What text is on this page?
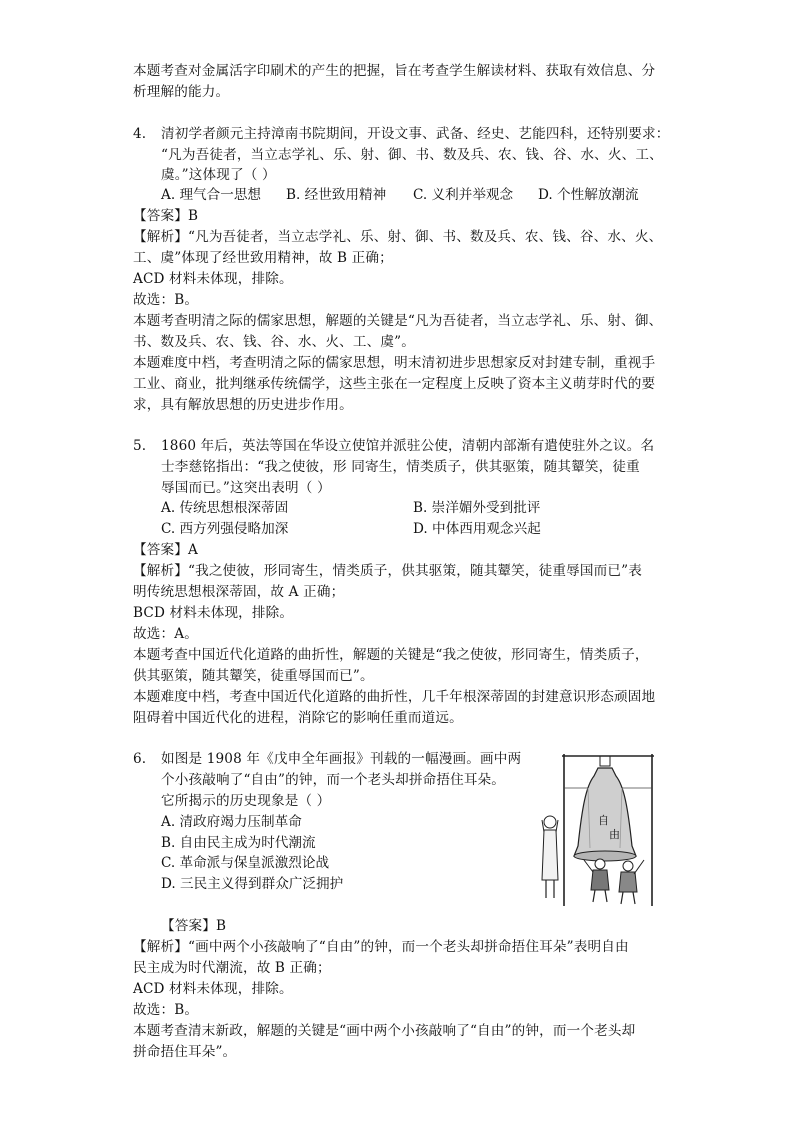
本题考查对金属活字印刷术的产生的把握，旨在考查学生解读材料、获取有效信息、分
析理解的能力。
4. 清初学者颜元主持漳南书院期间，开设文事、武备、经史、艺能四科，还特别要求：
“凡为吾徒者，当立志学礼、乐、射、御、书、数及兵、农、钱、谷、水、火、工、
虞。”这体现了（ ）
A. 理气合一思想 B. 经世致用精神 C. 义利并举观念 D. 个性解放潮流
【答案】B
【解析】“凡为吾徒者，当立志学礼、乐、射、御、书、数及兵、农、钱、谷、水、火、
工、虞”体现了经世致用精神，故 B 正确；
ACD 材料未体现，排除。
故选：B。
本题考查明清之际的儒家思想，解题的关键是“凡为吾徒者，当立志学礼、乐、射、御、
书、数及兵、农、钱、谷、水、火、工、虞”。
本题难度中档，考查明清之际的儒家思想，明末清初进步思想家反对封建专制，重视手
工业、商业，批判继承传统儒学，这些主张在一定程度上反映了资本主义萌芽时代的要
求，具有解放思想的历史进步作用。
5. 1860 年后，英法等国在华设立使馆并派驻公使，清朝内部渐有遣使驻外之议。名
士李慈铭指出：“我之使彼，形 同寄生，情类质子，供其驱策，随其颦笑，徒重
辱国而已。”这突出表明（ ）
A. 传统思想根深蒂固	B. 崇洋媚外受到批评
C. 西方列强侵略加深	D. 中体西用观念兴起
【答案】A
【解析】“我之使彼，形同寄生，情类质子，供其驱策，随其颦笑，徒重辱国而已”表
明传统思想根深蒂固，故 A 正确；
BCD 材料未体现，排除。
故选：A。
本题考查中国近代化道路的曲折性，解题的关键是“我之使彼，形同寄生，情类质子，
供其驱策，随其颦笑，徒重辱国而已”。
本题难度中档，考查中国近代化道路的曲折性，几千年根深蒂固的封建意识形态顽固地
阻碍着中国近代化的进程，消除它的影响任重而道远。
6. 如图是 1908 年《戊申全年画报》刊载的一幅漫画。画中两
个小孩敲响了“自由”的钟，而一个老头却拼命捂住耳朵。
它所揭示的历史现象是（ ）
A. 清政府竭力压制革命
B. 自由民主成为时代潮流
C. 革命派与保皇派激烈论战
D. 三民主义得到群众广泛拥护
自
由
【答案】B
【解析】“画中两个小孩敲响了“自由”的钟，而一个老头却拼命捂住耳朵”表明自由
民主成为时代潮流，故 B 正确；
ACD 材料未体现，排除。
故选：B。
本题考查清末新政，解题的关键是“画中两个小孩敲响了“自由”的钟，而一个老头却
拼命捂住耳朵”。
